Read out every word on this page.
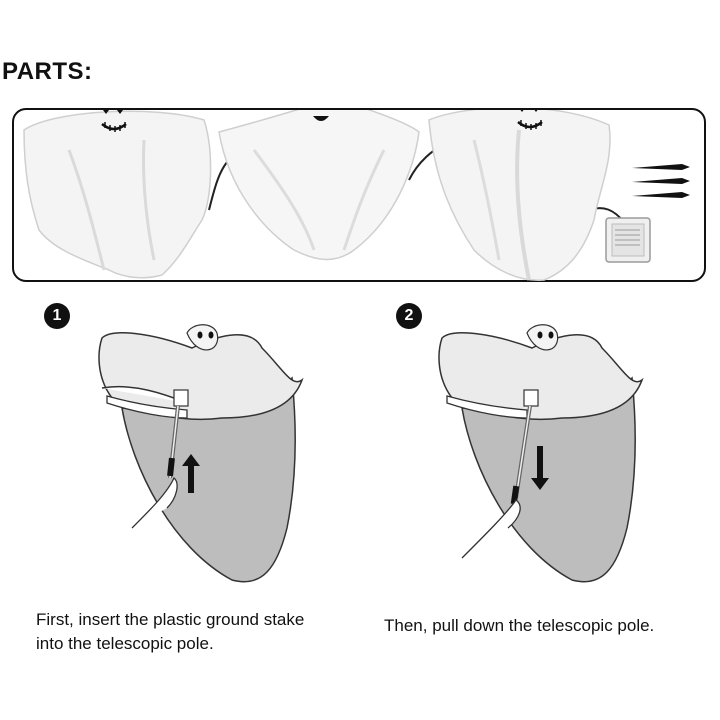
PARTS:
1
First, insert the plastic ground stake
into the telescopic pole.
2
Then, pull down the telescopic pole.
